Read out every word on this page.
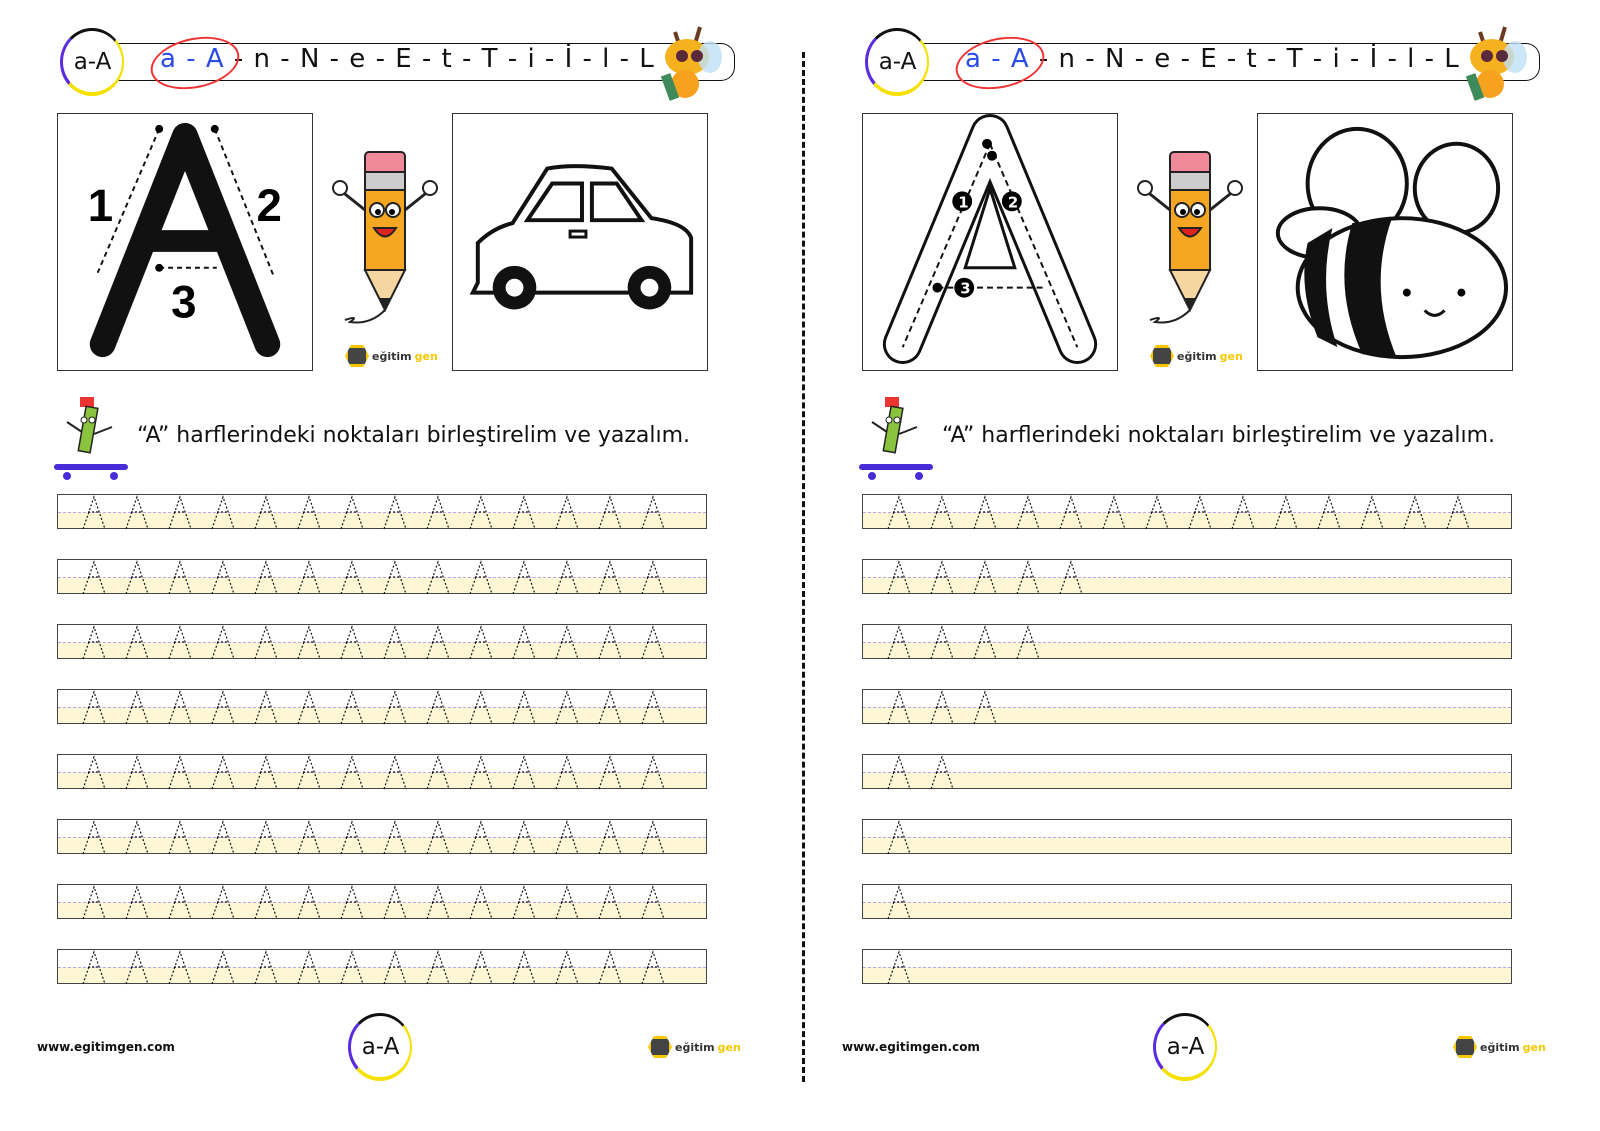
a-A a - A - n - N - e - E - t - T - i - İ - l - L
1	2
3
eğitim gen
“A” harflerindeki noktaları birleştirelim ve yazalım.
www.egitimgen.com	a-A	eğitim gen
a-A a - A - n - N - e - E - t - T - i - İ - l - L
1	2
3
eğitim gen
“A” harflerindeki noktaları birleştirelim ve yazalım.
www.egitimgen.com	a-A	eğitim gen
